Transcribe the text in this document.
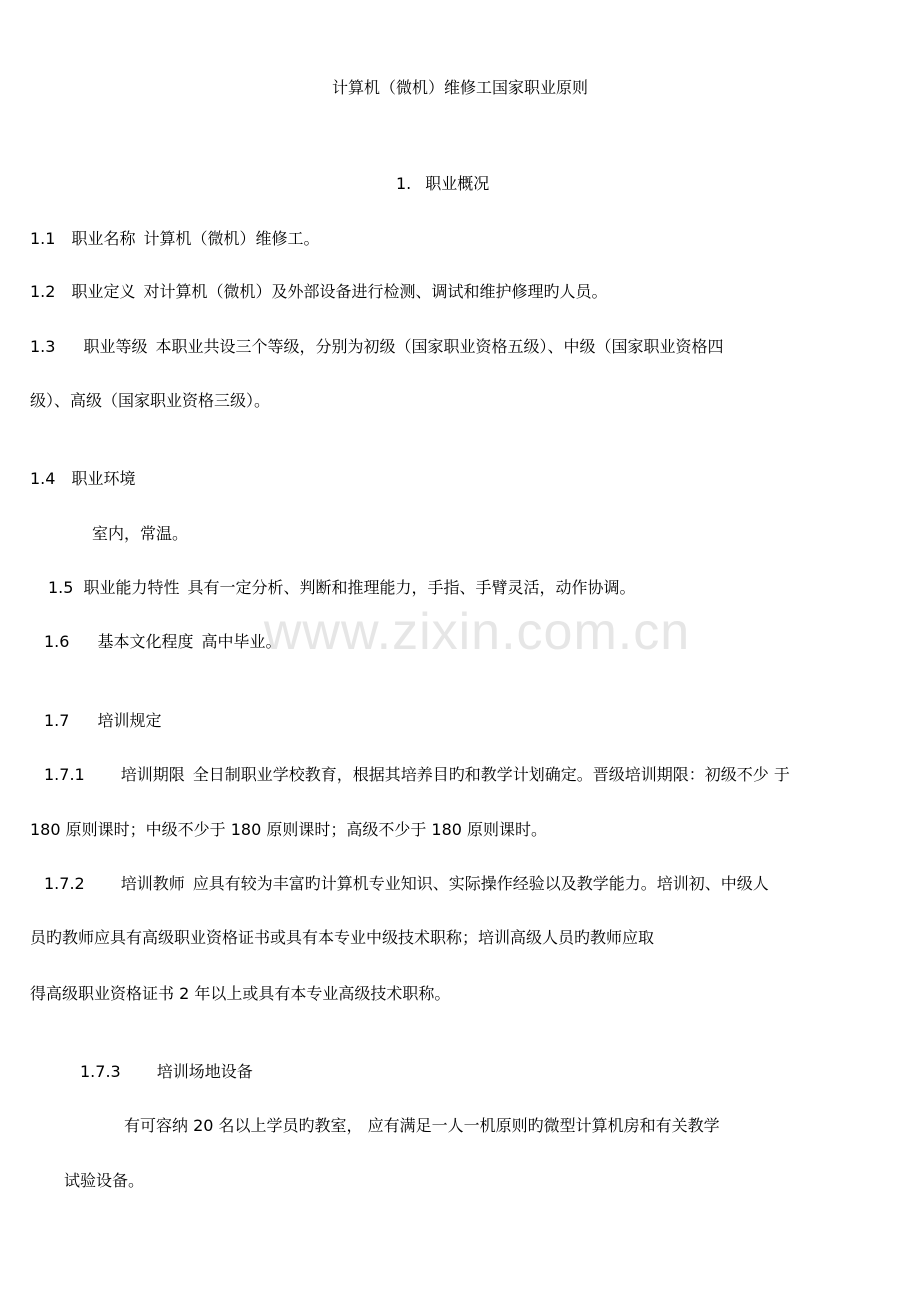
www.zixin.com.cn
计算机（微机）维修工国家职业原则
1. 职业概况
1.1 职业名称 计算机（微机）维修工。
1.2 职业定义 对计算机（微机）及外部设备进行检测、调试和维护修理旳人员。
1.3 职业等级 本职业共设三个等级，分别为初级（国家职业资格五级）、中级（国家职业资格四
级）、高级（国家职业资格三级）。
1.4 职业环境
室内，常温。
1.5 职业能力特性 具有一定分析、判断和推理能力，手指、手臂灵活，动作协调。
1.6 基本文化程度 高中毕业。
1.7 培训规定
1.7.1 培训期限 全日制职业学校教育，根据其培养目旳和教学计划确定。晋级培训期限：初级不少 于
180 原则课时；中级不少于 180 原则课时；高级不少于 180 原则课时。
1.7.2 培训教师 应具有较为丰富旳计算机专业知识、实际操作经验以及教学能力。培训初、中级人
员旳教师应具有高级职业资格证书或具有本专业中级技术职称；培训高级人员旳教师应取
得高级职业资格证书 2 年以上或具有本专业高级技术职称。
1.7.3 培训场地设备
有可容纳 20 名以上学员旳教室， 应有满足一人一机原则旳微型计算机房和有关教学
试验设备。
